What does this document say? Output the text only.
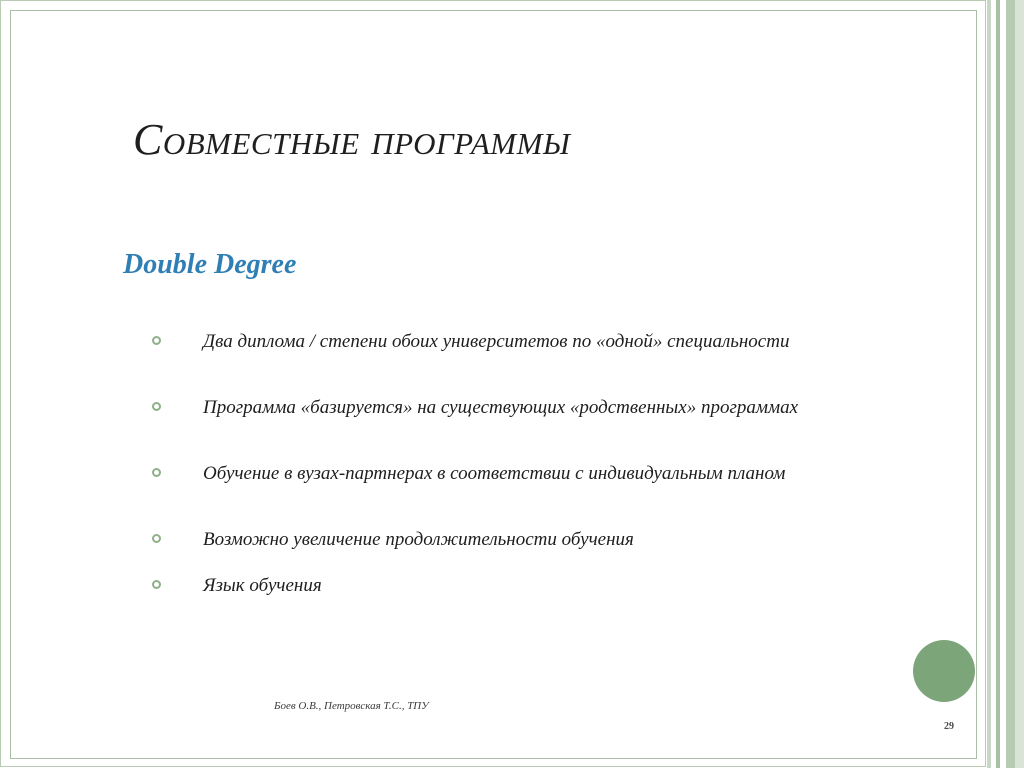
Совместные программы
Double Degree
Два диплома / степени обоих университетов по «одной» специальности
Программа «базируется» на существующих «родственных» программах
Обучение в вузах-партнерах в соответствии с индивидуальным планом
Возможно увеличение продолжительности обучения
Язык обучения

Боев О.В., Петровская Т.С., ТПУ

29
